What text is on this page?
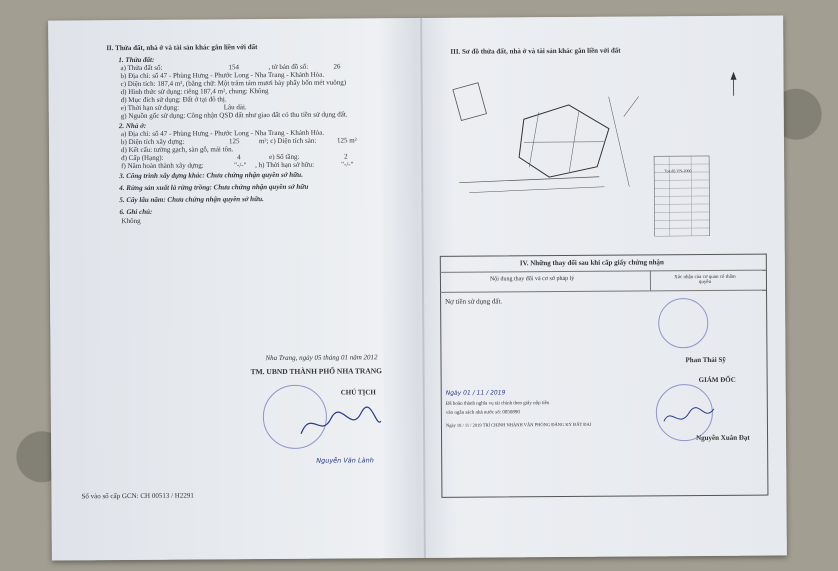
II. Thửa đất, nhà ở và tài sản khác gắn liền với đất
1. Thửa đất:
a) Thửa đất số:	154	, tờ bản đồ số:	26
b) Địa chỉ: số 47 - Phùng Hưng - Phước Long - Nha Trang - Khánh Hòa.
c) Diện tích: 187,4 m², (bằng chữ: Một trăm tám mươi bảy phẩy bốn mét vuông)
d) Hình thức sử dụng: riêng 187,4 m², chung: Không
đ) Mục đích sử dụng: Đất ở tại đô thị.
e) Thời hạn sử dụng:	Lâu dài.
g) Nguồn gốc sử dụng: Công nhận QSD đất như giao đất có thu tiền sử dụng đất.
2. Nhà ở:
a) Địa chỉ: số 47 - Phùng Hưng - Phước Long - Nha Trang - Khánh Hòa.
b) Diện tích xây dựng:	125	m²; c) Diện tích sàn:	125 m²
d) Kết cấu: tường gạch, sàn gỗ, mái tôn.
đ) Cấp (Hạng):	4	e) Số tầng:	2
f) Năm hoàn thành xây dựng:	"-/-" , h) Thời hạn sở hữu:	"-/-"
3. Công trình xây dựng khác: Chưa chứng nhận quyền sở hữu.
4. Rừng sản xuất là rừng trồng: Chưa chứng nhận quyền sở hữu
5. Cây lâu năm: Chưa chứng nhận quyền sở hữu.
6. Ghi chú:
Không
Nha Trang, ngày 05 tháng 01 năm 2012
TM. UBND THÀNH PHỐ NHA TRANG
CHỦ TỊCH
Nguyễn Văn Lành
Số vào sổ cấp GCN: CH 00513 / H2291
III. Sơ đồ thửa đất, nhà ở và tài sản khác gắn liền với đất
Tọa độ VN-2000
IV. Những thay đổi sau khi cấp giấy chứng nhận
Nội dung thay đổi và cơ sở pháp lý	Xác nhận của cơ quan có thẩm quyền
Nợ tiền sử dụng đất.
Phan Thái Sỹ
GIÁM ĐỐC
Ngày 01 / 11 / 2019
Đã hoàn thành nghĩa vụ tài chính theo giấy nộp tiền
vào ngân sách nhà nước số: 0050890
Ngày 18 / 11 / 2019 TRÍ CHINH NHÁNH VĂN PHÒNG ĐĂNG KÝ ĐẤT ĐAI
Nguyễn Xuân Đạt
